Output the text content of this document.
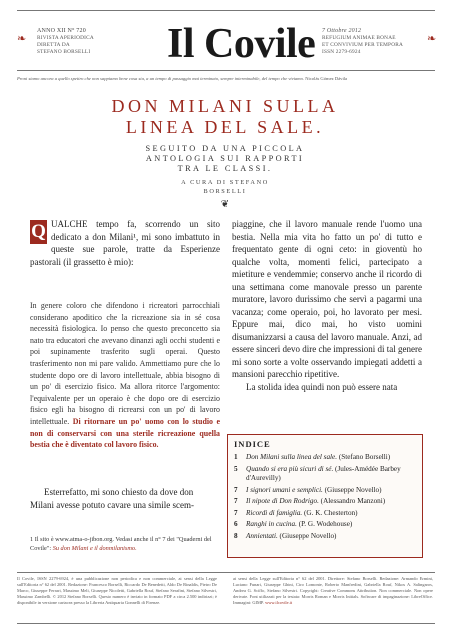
❧
ANNO XII N° 720
RIVISTA APERIODICA
DIRETTA DA
STEFANO BORSELLI	Il Covile 7 Ottobre 2012
REFUGIUM ANIMAE BONAE
ET CONVIVIUM PER TEMPORA
ISSN 2279-6924
❧
Proni siamo ancora a quello spettro che non sappiamo bene cosa sia, a un tempo di passaggio mai terminato, sempre interminabile, del tempo che viviamo. Nicolás Gómez Dávila
DON MILANI SULLA
LINEA DEL SALE.
SEGUITO DA UNA PICCOLA
ANTOLOGIA SUI RAPPORTI
TRA LE CLASSI.
A CURA DI STEFANO
BORSELLI
❦
Q UALCHE tempo fa, scorrendo un sito dedicato a don Milani¹, mi sono imbattuto in queste sue parole, tratte da Esperienze pastorali (il grassetto è mio):
In genere coloro che difendono i ricreatori parrocchiali considerano apoditico che la ricreazione sia in sé cosa necessità fisiologica. Io penso che questo preconcetto sia nato tra educatori che avevano dinanzi agli occhi studenti e poi supinamente trasferito sugli operai. Questo trasferimento non mi pare valido. Ammettiamo pure che lo studente dopo ore di lavoro intellettuale, abbia bisogno di un po' di esercizio fisico. Ma allora ritorce l'argomento: l'equivalente per un operaio è che dopo ore di esercizio fisico egli ha bisogno di ricrearsi con un po' di lavoro intellettuale. Di ritornare un po' uomo con lo studio e non di conservarsi con una sterile ricreazione quella bestia che è diventato col lavoro fisico.
Esterrefatto, mi sono chiesto da dove don
Milani avesse potuto cavare una simile scem-
piaggine, che il lavoro manuale rende l'uomo una bestia. Nella mia vita ho fatto un po' di tutto e frequentato gente di ogni ceto: in gioventù ho qualche volta, momenti felici, partecipato a mietiture e vendemmie; conservo anche il ricordo di una settimana come manovale presso un parente muratore, lavoro durissimo che servì a pagarmi una vacanza; come operaio, poi, ho lavorato per mesi. Eppure mai, dico mai, ho visto uomini disumanizzarsi a causa del lavoro manuale. Anzi, ad essere sinceri devo dire che impressioni di tal genere mi sono sorte a volte osservando impiegati addetti a mansioni parecchio ripetitive.
La stolida idea quindi non può essere nata
INDICE
1	Don Milani sulla linea del sale. (Stefano Borselli)
5	Quando si era più sicuri di sé. (Jules-Amédée Barbey d'Aurevilly)
7	I signori umani e semplici. (Giuseppe Novello)
7	Il nipote di Don Rodrigo. (Alessandro Manzoni)
7	Ricordi di famiglia. (G. K. Chesterton)
6	Ranghi in cucina. (P. G. Wodehouse)
8	Annientati. (Giuseppe Novello)
1 Il sito è www.atma-o-jibon.org. Vedasi anche il n° 7 dei "Quaderni del Covile": Su don Milani e il donmilanismo.
Il Covile, ISSN 2279-6924, è una pubblicazione non periodica e non commerciale, ai sensi della Legge sull'Editoria n° 62 del 2001. Redazione: Francesco Borselli, Riccardo De Benedetti, Aldo De Rinaldis, Pietro De Marco, Giuseppe Ferrari, Massimo Meli, Giuseppe Nicoletti, Gabriella Rouf, Stefano Serafini, Stefano Silvestri, Massimo Zambelli. © 2012 Stefano Borselli. Questo numero è inviato in formato PDF a circa 2.500 indirizzi; è disponibile in versione cartacea presso la Libreria Antiquaria Gonnelli di Firenze.
ai sensi della Legge sull'Editoria n° 62 del 2001. Direttore: Stefano Borselli. Redazione: Armando Ermini, Luciano Funari, Giuseppe Ghini, Ciro Lomonte, Roberto Manfredini, Gabriella Rouf, Nikos A. Salingaros, Andrea G. Sciffo, Stefano Silvestri. Copyright: Creative Commons Attribution. Non commerciale. Non opere derivate. Font utilizzati per la testata: Morris Roman e Morris Initials. Software di impaginazione: LibreOffice. Immagini: GIMP. www.ilcovile.it
